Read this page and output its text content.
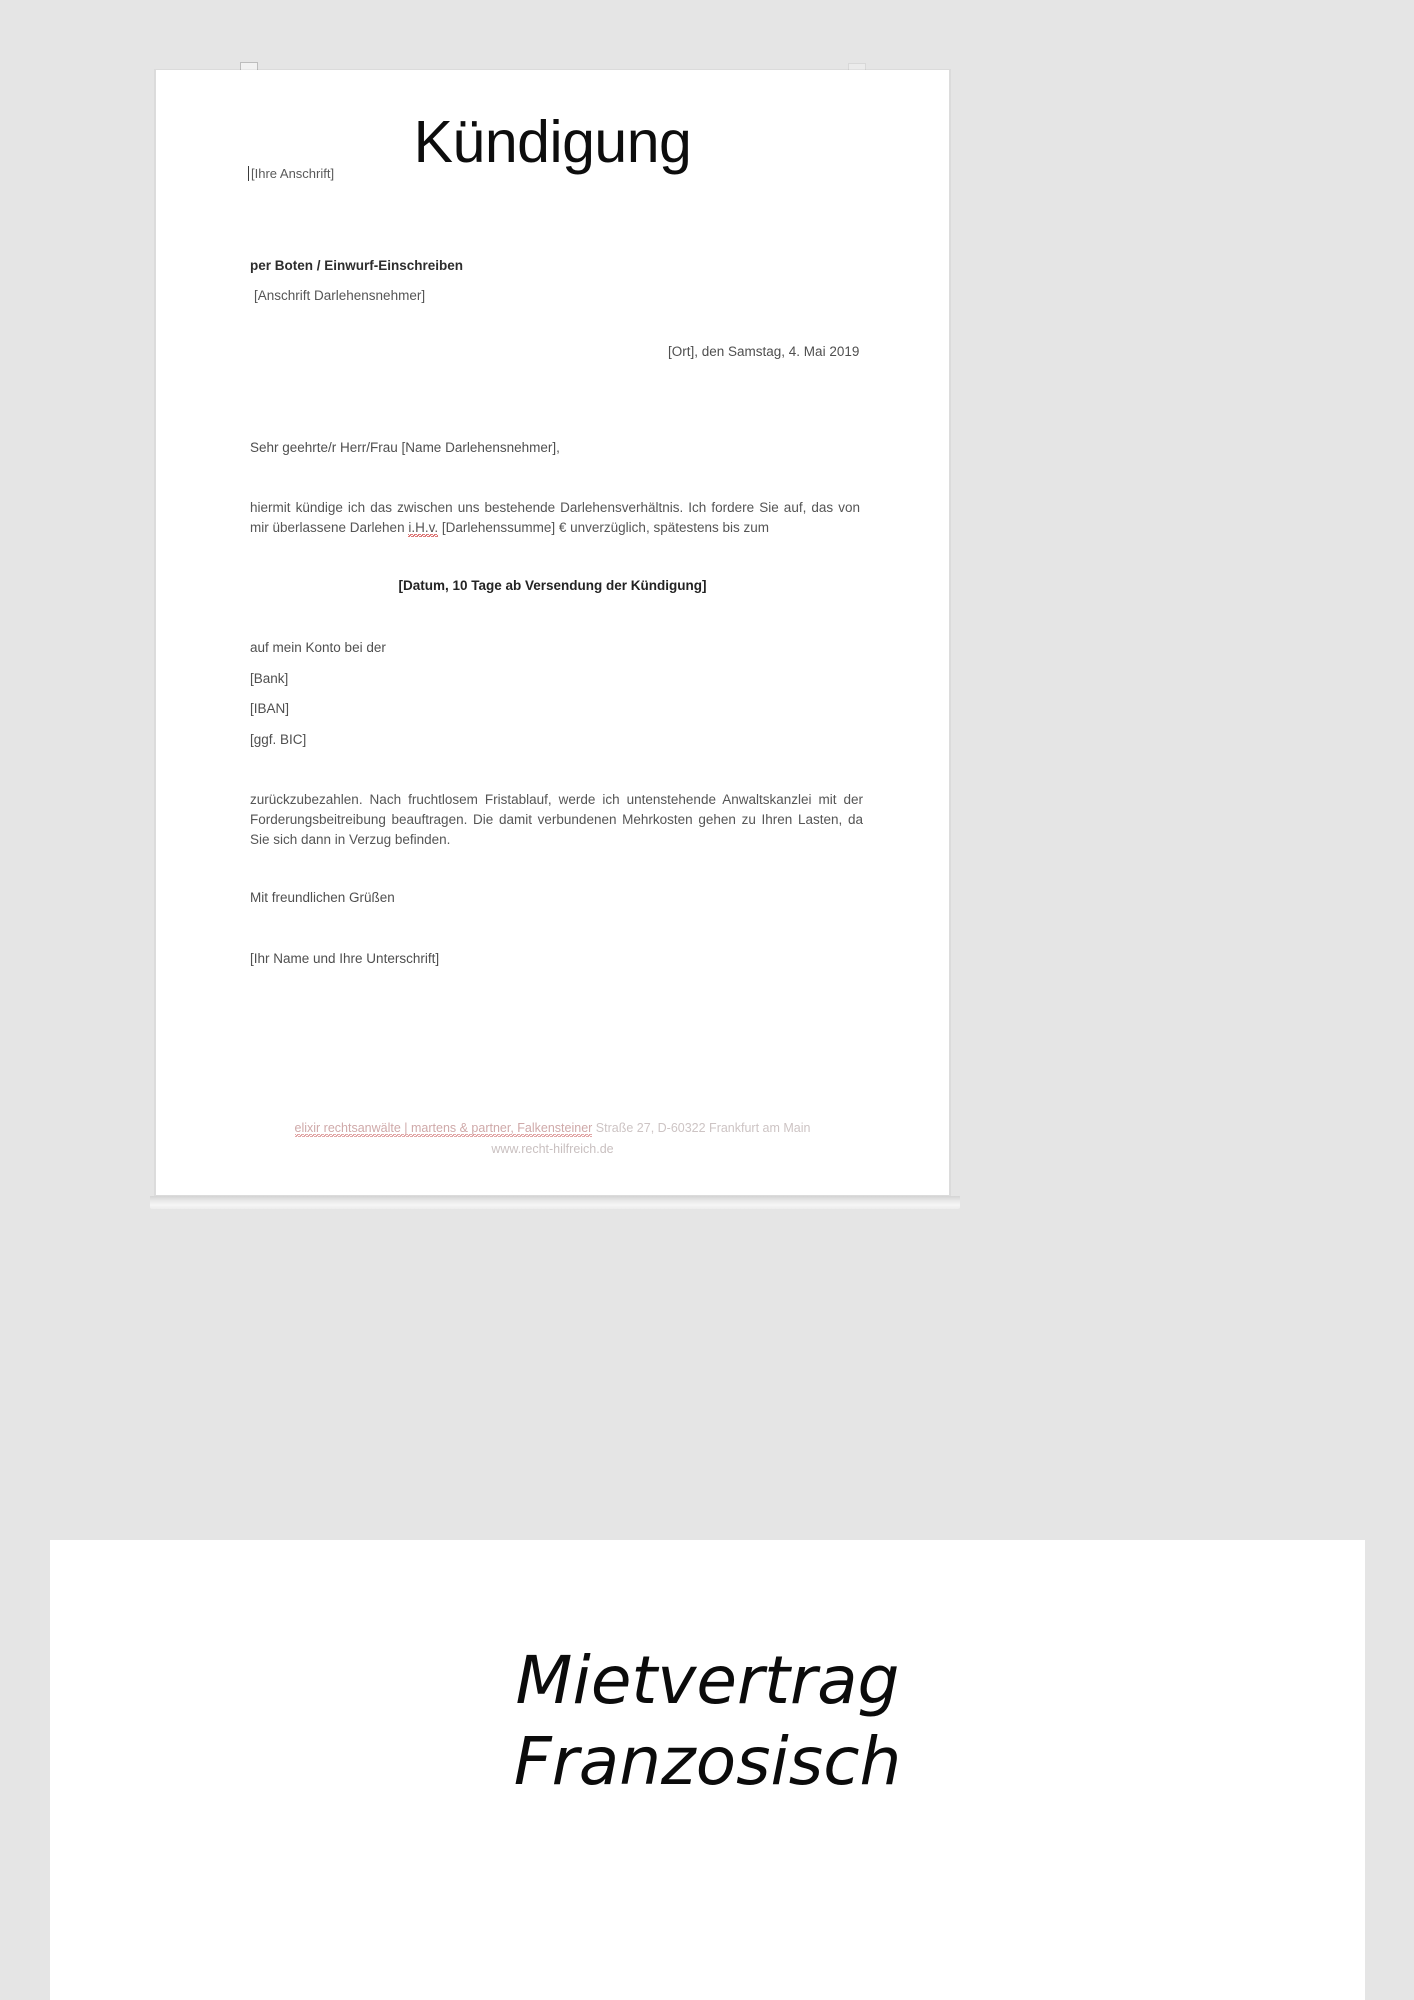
Kündigung
[Ihre Anschrift]
per Boten / Einwurf-Einschreiben
[Anschrift Darlehensnehmer]
[Ort], den Samstag, 4. Mai 2019
Sehr geehrte/r Herr/Frau [Name Darlehensnehmer],
hiermit kündige ich das zwischen uns bestehende Darlehensverhältnis. Ich fordere Sie auf, das von mir überlassene Darlehen i.H.v. [Darlehenssumme] € unverzüglich, spätestens bis zum
[Datum, 10 Tage ab Versendung der Kündigung]
auf mein Konto bei der
[Bank]
[IBAN]
[ggf. BIC]
zurückzubezahlen. Nach fruchtlosem Fristablauf, werde ich untenstehende Anwaltskanzlei mit der Forderungsbeitreibung beauftragen. Die damit verbundenen Mehrkosten gehen zu Ihren Lasten, da Sie sich dann in Verzug befinden.
Mit freundlichen Grüßen
[Ihr Name und Ihre Unterschrift]
elixir rechtsanwälte | martens & partner, Falkensteiner Straße 27, D-60322 Frankfurt am Main
www.recht-hilfreich.de
Mietvertrag
Franzosisch
